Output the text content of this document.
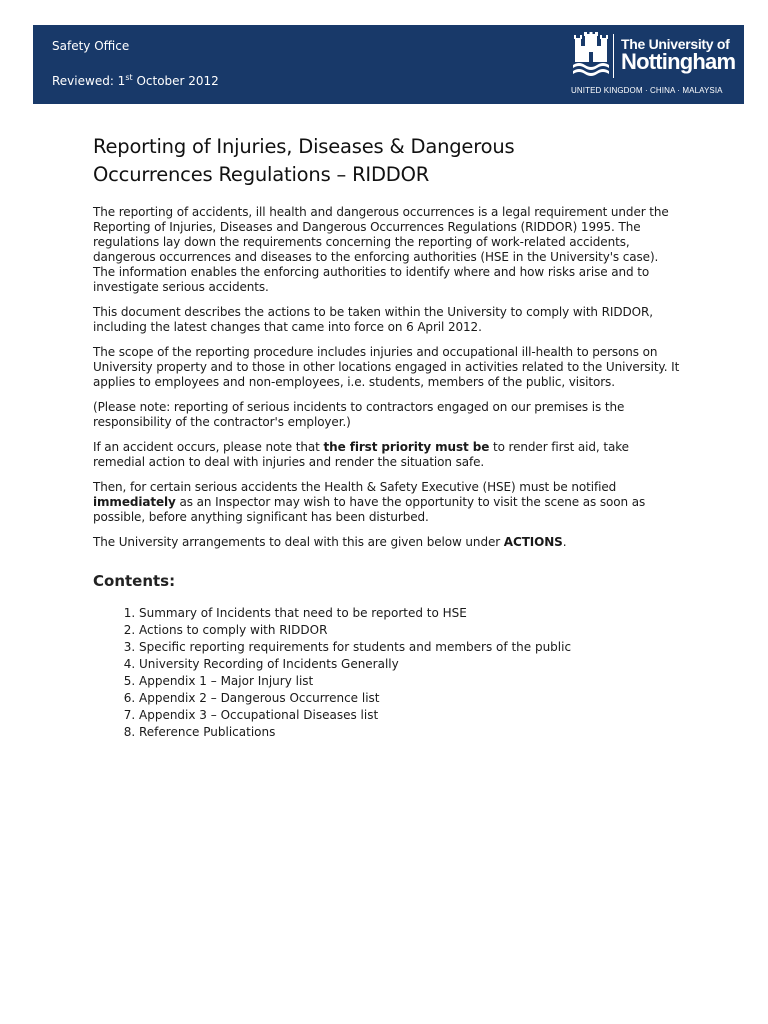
Safety Office
Reviewed: 1st October 2012
The University of
Nottingham
UNITED KINGDOM · CHINA · MALAYSIA
Reporting of Injuries, Diseases & Dangerous
Occurrences Regulations – RIDDOR

The reporting of accidents, ill health and dangerous occurrences is a legal requirement under the Reporting of Injuries, Diseases and Dangerous Occurrences Regulations (RIDDOR) 1995. The regulations lay down the requirements concerning the reporting of work-related accidents, dangerous occurrences and diseases to the enforcing authorities (HSE in the University's case). The information enables the enforcing authorities to identify where and how risks arise and to investigate serious accidents.

This document describes the actions to be taken within the University to comply with RIDDOR, including the latest changes that came into force on 6 April 2012.

The scope of the reporting procedure includes injuries and occupational ill-health to persons on University property and to those in other locations engaged in activities related to the University. It applies to employees and non-employees, i.e. students, members of the public, visitors.

(Please note: reporting of serious incidents to contractors engaged on our premises is the responsibility of the contractor's employer.)

If an accident occurs, please note that the first priority must be to render first aid, take remedial action to deal with injuries and render the situation safe.

Then, for certain serious accidents the Health & Safety Executive (HSE) must be notified immediately as an Inspector may wish to have the opportunity to visit the scene as soon as possible, before anything significant has been disturbed.

The University arrangements to deal with this are given below under ACTIONS.

Contents:
1. Summary of Incidents that need to be reported to HSE
2. Actions to comply with RIDDOR
3. Specific reporting requirements for students and members of the public
4. University Recording of Incidents Generally
5. Appendix 1 – Major Injury list
6. Appendix 2 – Dangerous Occurrence list
7. Appendix 3 – Occupational Diseases list
8. Reference Publications
